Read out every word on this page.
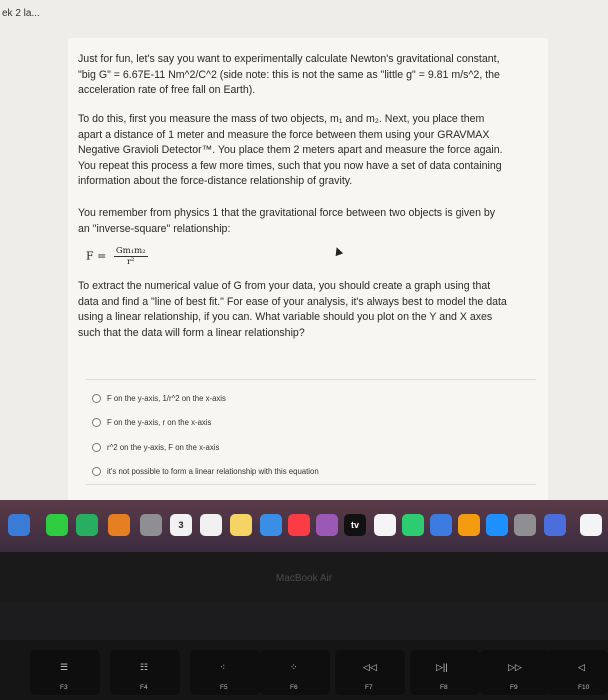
ek 2 la...
Just for fun, let's say you want to experimentally calculate Newton's gravitational constant,
"big G" = 6.67E-11 Nm^2/C^2 (side note: this is not the same as "little g" = 9.81 m/s^2, the
acceleration rate of free fall on Earth).
To do this, first you measure the mass of two objects, m₁ and m₂. Next, you place them
apart a distance of 1 meter and measure the force between them using your GRAVMAX
Negative Gravioli Detector™. You place them 2 meters apart and measure the force again.
You repeat this process a few more times, such that you now have a set of data containing
information about the force-distance relationship of gravity.
You remember from physics 1 that the gravitational force between two objects is given by
an "inverse-square" relationship:
$F = \frac{\text{Gm₁m₂}}{\text{r²}}$
To extract the numerical value of G from your data, you should create a graph using that
data and find a "line of best fit." For ease of your analysis, it's always best to model the data
using a linear relationship, if you can. What variable should you plot on the Y and X axes
such that the data will form a linear relationship?
F on the y-axis, 1/r^2 on the x-axis
F on the y-axis, r on the x-axis
r^2 on the y-axis, F on the x-axis
it's not possible to form a linear relationship with this equation
3	tv
MacBook Air
☰
F3
☷
F4
⁖
F5
⁘
F6
◁◁
F7
▷||
F8
▷▷
F9
◁
F10
